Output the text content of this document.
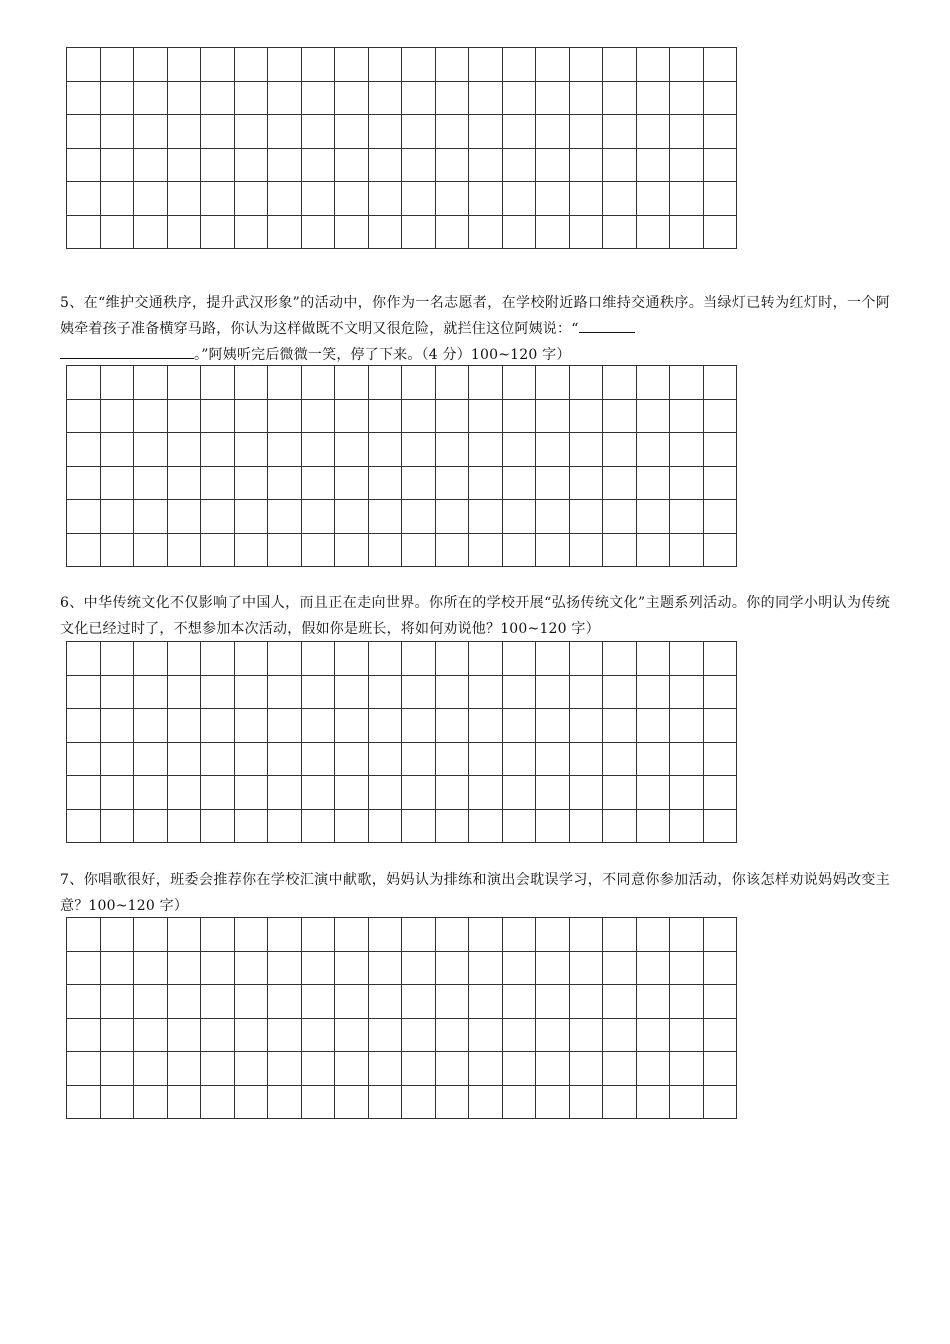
5、在“维护交通秩序，提升武汉形象”的活动中，你作为一名志愿者，在学校附近路口维持交通秩序。当绿灯已转为红灯时，一个阿姨牵着孩子准备横穿马路，你认为这样做既不文明又很危险，就拦住这位阿姨说：“
。”阿姨听完后微微一笑，停了下来。（4 分）100~120 字）

6、中华传统文化不仅影响了中国人，而且正在走向世界。你所在的学校开展“弘扬传统文化”主题系列活动。你的同学小明认为传统文化已经过时了，不想参加本次活动，假如你是班长，将如何劝说他？100~120 字）

7、你唱歌很好，班委会推荐你在学校汇演中献歌，妈妈认为排练和演出会耽误学习，不同意你参加活动，你该怎样劝说妈妈改变主意？100~120 字）
